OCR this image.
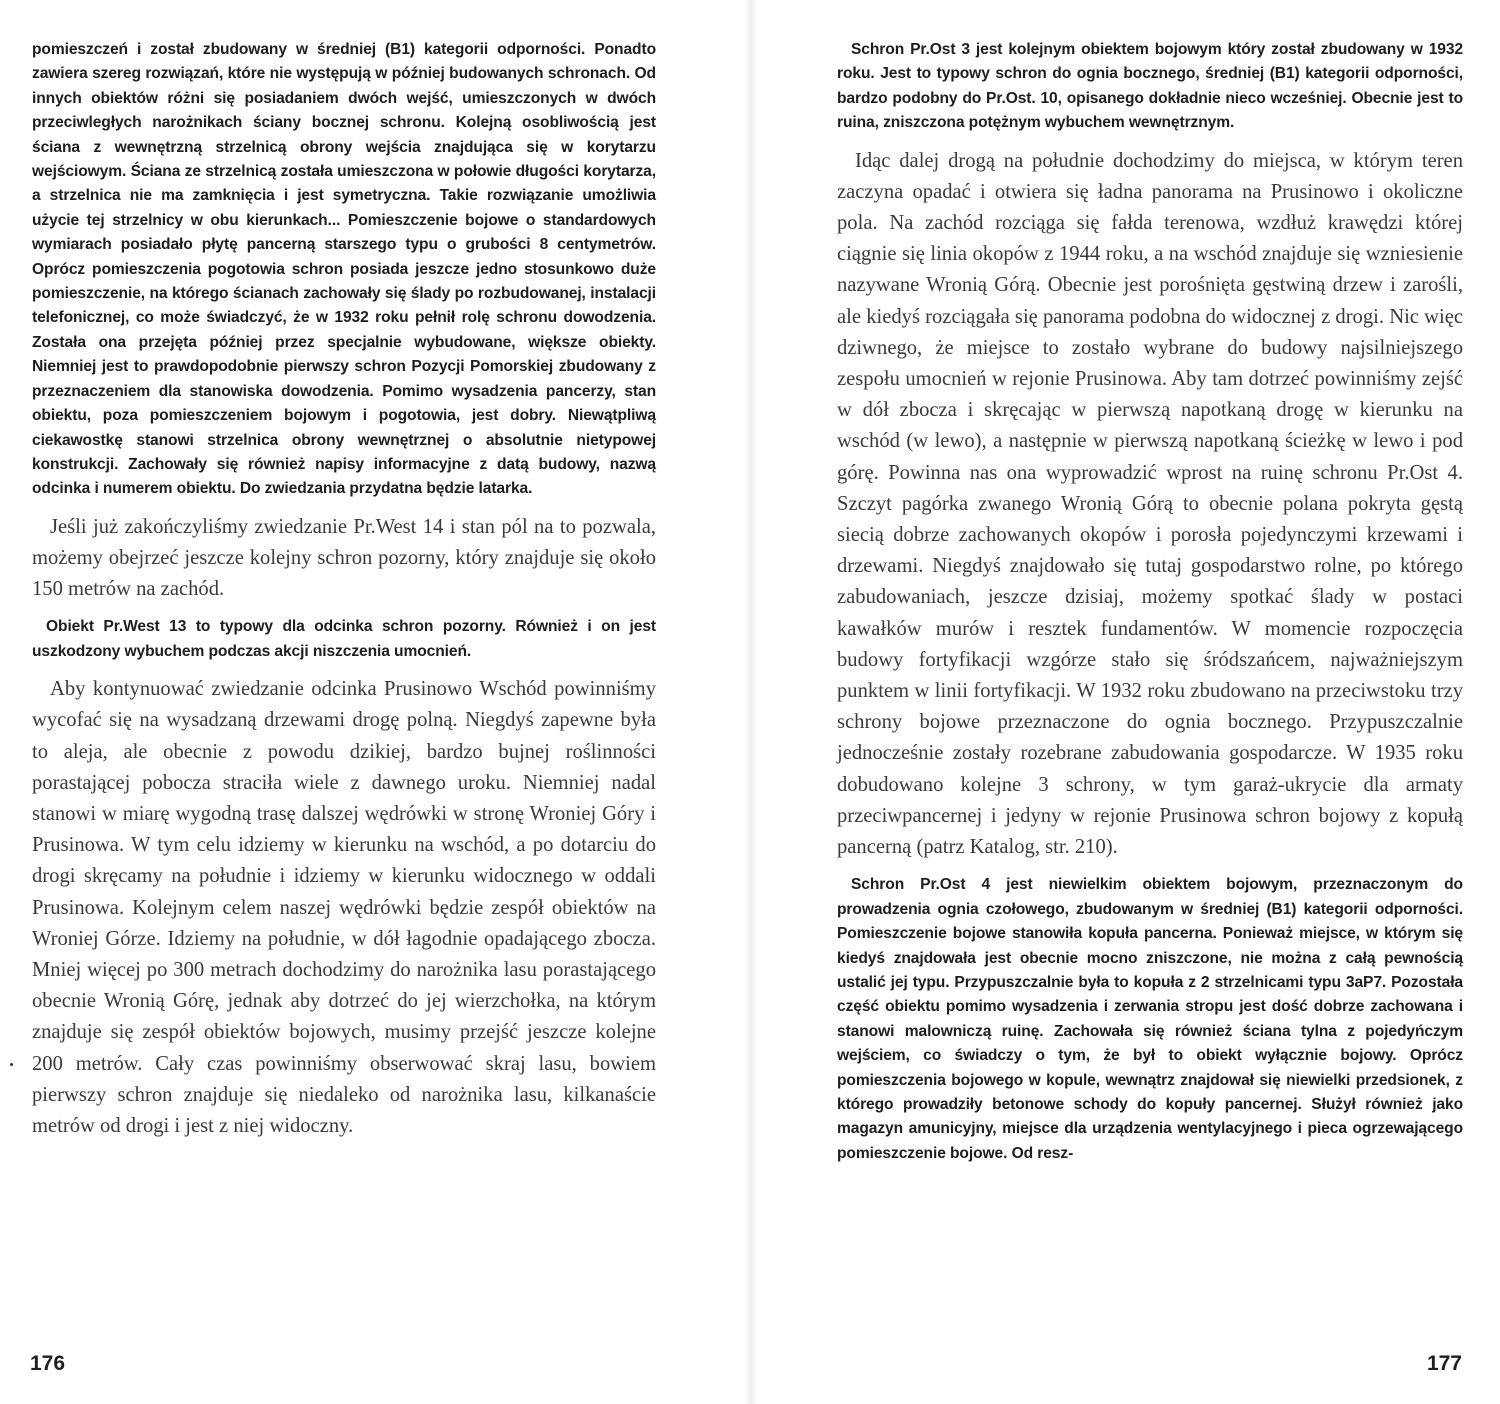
pomieszczeń i został zbudowany w średniej (B1) kategorii odporności. Ponadto zawiera szereg rozwiązań, które nie występują w później budowanych schronach. Od innych obiektów różni się posiadaniem dwóch wejść, umieszczonych w dwóch przeciwległych narożnikach ściany bocznej schronu. Kolejną osobliwością jest ściana z wewnętrzną strzelnicą obrony wejścia znajdująca się w korytarzu wejściowym. Ściana ze strzelnicą została umieszczona w połowie długości korytarza, a strzelnica nie ma zamknięcia i jest symetryczna. Takie rozwiązanie umożliwia użycie tej strzelnicy w obu kierunkach... Pomieszczenie bojowe o standardowych wymiarach posiadało płytę pancerną starszego typu o grubości 8 centymetrów. Oprócz pomieszczenia pogotowia schron posiada jeszcze jedno stosunkowo duże pomieszczenie, na którego ścianach zachowały się ślady po rozbudowanej, instalacji telefonicznej, co może świadczyć, że w 1932 roku pełnił rolę schronu dowodzenia. Została ona przejęta później przez specjalnie wybudowane, większe obiekty. Niemniej jest to prawdopodobnie pierwszy schron Pozycji Pomorskiej zbudowany z przeznaczeniem dla stanowiska dowodzenia. Pomimo wysadzenia pancerzy, stan obiektu, poza pomieszczeniem bojowym i pogotowia, jest dobry. Niewątpliwą ciekawostkę stanowi strzelnica obrony wewnętrznej o absolutnie nietypowej konstrukcji. Zachowały się również napisy informacyjne z datą budowy, nazwą odcinka i numerem obiektu. Do zwiedzania przydatna będzie latarka.

Jeśli już zakończyliśmy zwiedzanie Pr.West 14 i stan pól na to pozwala, możemy obejrzeć jeszcze kolejny schron pozorny, który znajduje się około 150 metrów na zachód.

Obiekt Pr.West 13 to typowy dla odcinka schron pozorny. Również i on jest uszkodzony wybuchem podczas akcji niszczenia umocnień.

Aby kontynuować zwiedzanie odcinka Prusinowo Wschód powinniśmy wycofać się na wysadzaną drzewami drogę polną. Niegdyś zapewne była to aleja, ale obecnie z powodu dzikiej, bardzo bujnej roślinności porastającej pobocza straciła wiele z dawnego uroku. Niemniej nadal stanowi w miarę wygodną trasę dalszej wędrówki w stronę Wroniej Góry i Prusinowa. W tym celu idziemy w kierunku na wschód, a po dotarciu do drogi skręcamy na południe i idziemy w kierunku widocznego w oddali Prusinowa. Kolejnym celem naszej wędrówki będzie zespół obiektów na Wroniej Górze. Idziemy na południe, w dół łagodnie opadającego zbocza. Mniej więcej po 300 metrach dochodzimy do narożnika lasu porastającego obecnie Wronią Górę, jednak aby dotrzeć do jej wierzchołka, na którym znajduje się zespół obiektów bojowych, musimy przejść jeszcze kolejne 200 metrów. Cały czas powinniśmy obserwować skraj lasu, bowiem pierwszy schron znajduje się niedaleko od narożnika lasu, kilkanaście metrów od drogi i jest z niej widoczny.

176

Schron Pr.Ost 3 jest kolejnym obiektem bojowym który został zbudowany w 1932 roku. Jest to typowy schron do ognia bocznego, średniej (B1) kategorii odporności, bardzo podobny do Pr.Ost. 10, opisanego dokładnie nieco wcześniej. Obecnie jest to ruina, zniszczona potężnym wybuchem wewnętrznym.

Idąc dalej drogą na południe dochodzimy do miejsca, w którym teren zaczyna opadać i otwiera się ładna panorama na Prusinowo i okoliczne pola. Na zachód rozciąga się fałda terenowa, wzdłuż krawędzi której ciągnie się linia okopów z 1944 roku, a na wschód znajduje się wzniesienie nazywane Wronią Górą. Obecnie jest porośnięta gęstwiną drzew i zarośli, ale kiedyś rozciągała się panorama podobna do widocznej z drogi. Nic więc dziwnego, że miejsce to zostało wybrane do budowy najsilniejszego zespołu umocnień w rejonie Prusinowa. Aby tam dotrzeć powinniśmy zejść w dół zbocza i skręcając w pierwszą napotkaną drogę w kierunku na wschód (w lewo), a następnie w pierwszą napotkaną ścieżkę w lewo i pod górę. Powinna nas ona wyprowadzić wprost na ruinę schronu Pr.Ost 4. Szczyt pagórka zwanego Wronią Górą to obecnie polana pokryta gęstą siecią dobrze zachowanych okopów i porosła pojedynczymi krzewami i drzewami. Niegdyś znajdowało się tutaj gospodarstwo rolne, po którego zabudowaniach, jeszcze dzisiaj, możemy spotkać ślady w postaci kawałków murów i resztek fundamentów. W momencie rozpoczęcia budowy fortyfikacji wzgórze stało się śródszańcem, najważniejszym punktem w linii fortyfikacji. W 1932 roku zbudowano na przeciwstoku trzy schrony bojowe przeznaczone do ognia bocznego. Przypuszczalnie jednocześnie zostały rozebrane zabudowania gospodarcze. W 1935 roku dobudowano kolejne 3 schrony, w tym garaż-ukrycie dla armaty przeciwpancernej i jedyny w rejonie Prusinowa schron bojowy z kopułą pancerną (patrz Katalog, str. 210).

Schron Pr.Ost 4 jest niewielkim obiektem bojowym, przeznaczonym do prowadzenia ognia czołowego, zbudowanym w średniej (B1) kategorii odporności. Pomieszczenie bojowe stanowiła kopuła pancerna. Ponieważ miejsce, w którym się kiedyś znajdowała jest obecnie mocno zniszczone, nie można z całą pewnością ustalić jej typu. Przypuszczalnie była to kopuła z 2 strzelnicami typu 3aP7. Pozostała część obiektu pomimo wysadzenia i zerwania stropu jest dość dobrze zachowana i stanowi malowniczą ruinę. Zachowała się również ściana tylna z pojedyńczym wejściem, co świadczy o tym, że był to obiekt wyłącznie bojowy. Oprócz pomieszczenia bojowego w kopule, wewnątrz znajdował się niewielki przedsionek, z którego prowadziły betonowe schody do kopuły pancernej. Służył również jako magazyn amunicyjny, miejsce dla urządzenia wentylacyjnego i pieca ogrzewającego pomieszczenie bojowe. Od resz-

177
